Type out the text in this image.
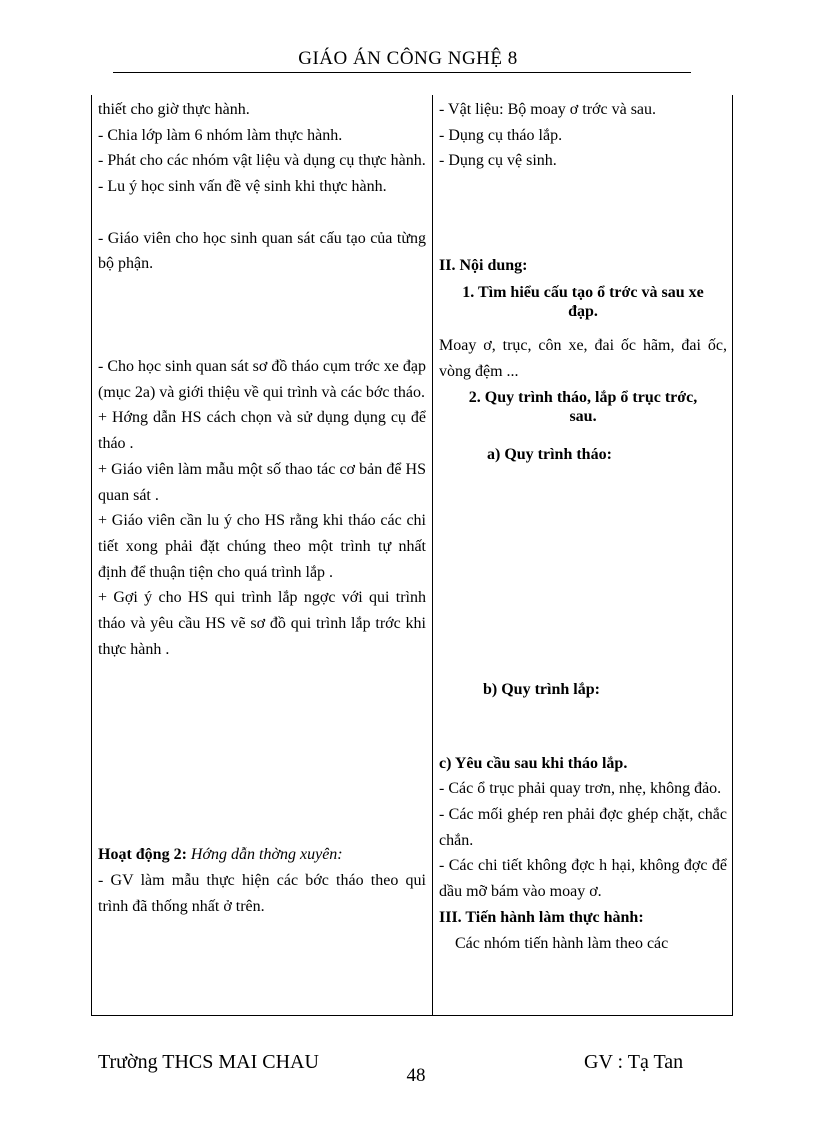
GIÁO ÁN CÔNG NGHỆ 8

thiết cho giờ thực hành.

- Chia lớp làm 6 nhóm làm thực hành.

- Phát cho các nhóm vật liệu và dụng cụ thực hành.

- Lu ý học sinh vấn đề vệ sinh khi thực hành.

- Giáo viên cho học sinh quan sát cấu tạo của từng bộ phận.

- Cho học sinh quan sát sơ đồ tháo cụm trớc xe đạp (mục 2a) và giới thiệu về qui trình và các bớc tháo.

+ Hớng dẫn HS cách chọn và sử dụng dụng cụ để tháo .

+ Giáo viên làm mẫu một số thao tác cơ bản để HS quan sát .

+ Giáo viên cần lu ý cho HS rằng khi tháo các chi tiết xong phải đặt chúng theo một trình tự nhất định để thuận tiện cho quá trình lắp .

+ Gợi ý cho HS qui trình lắp ngợc với qui trình tháo và yêu cầu HS vẽ sơ đồ qui trình lắp trớc khi thực hành .

Hoạt động 2: Hớng dẫn thờng xuyên:

- GV làm mẫu thực hiện các bớc tháo theo qui trình đã thống nhất ở trên.

- Vật liệu: Bộ moay ơ trớc và sau.

- Dụng cụ tháo lắp.

- Dụng cụ vệ sinh.

II. Nội dung:

1. Tìm hiểu cấu tạo ổ trớc và sau xe đạp.

Moay ơ, trục, côn xe, đai ốc hãm, đai ốc, vòng đệm ...

2. Quy trình tháo, lắp ổ trục trớc, sau.

a) Quy trình tháo:

b) Quy trình lắp:

c) Yêu cầu sau khi tháo lắp.

- Các ổ trục phải quay trơn, nhẹ, không đảo.

- Các mối ghép ren phải đợc ghép chặt, chắc chắn.

- Các chi tiết không đợc h hại, không đợc để dầu mỡ bám vào moay ơ.

III. Tiến hành làm thực hành:

Các nhóm tiến hành làm theo các

Trường THCS MAI CHAU
48
GV : Tạ Tan
